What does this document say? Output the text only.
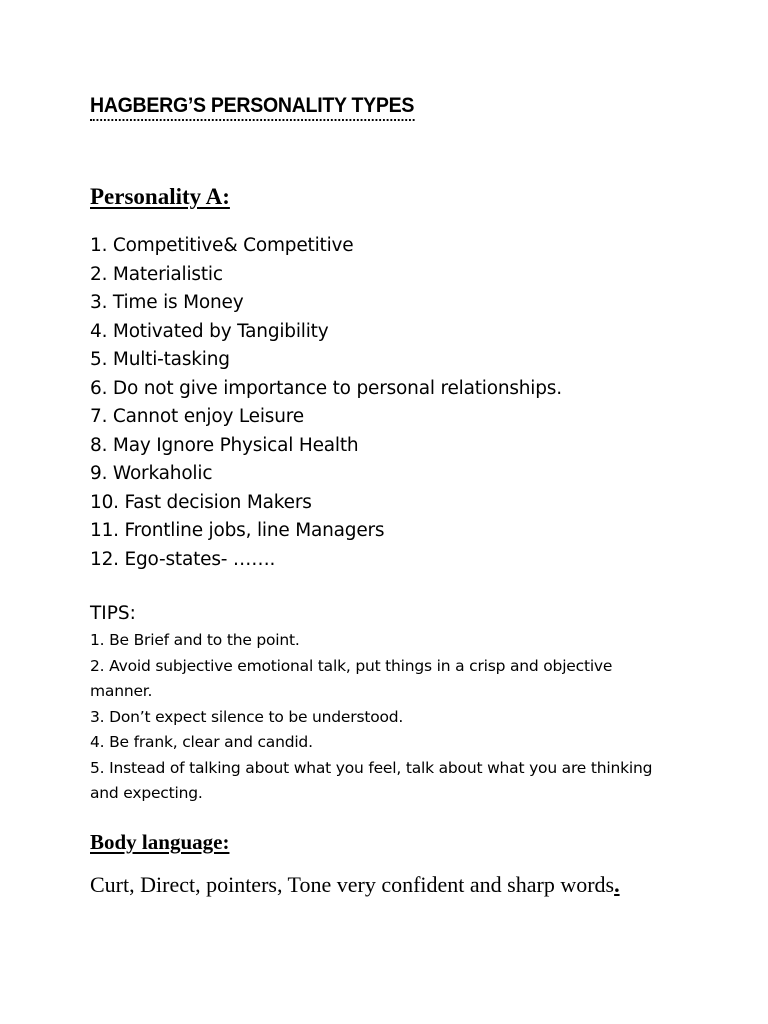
HAGBERG’S PERSONALITY TYPES
Personality A:
1. Competitive& Competitive
2. Materialistic
3. Time is Money
4. Motivated by Tangibility
5. Multi-tasking
6. Do not give importance to personal relationships.
7. Cannot enjoy Leisure
8. May Ignore Physical Health
9. Workaholic
10. Fast decision Makers
11. Frontline jobs, line Managers
12. Ego-states- …….
TIPS:
1. Be Brief and to the point.
2. Avoid subjective emotional talk, put things in a crisp and objective manner.
3. Don’t expect silence to be understood.
4. Be frank, clear and candid.
5. Instead of talking about what you feel, talk about what you are thinking and expecting.
Body language:
Curt, Direct, pointers, Tone very confident and sharp words.
